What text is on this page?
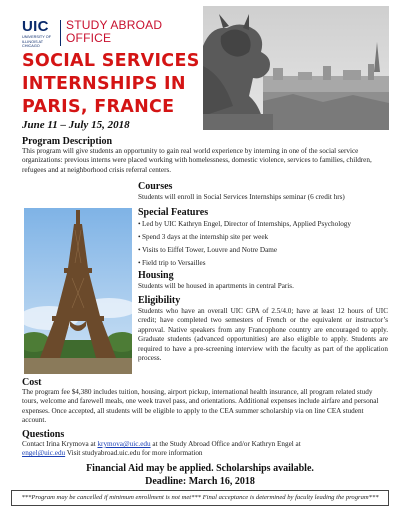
UIC
UNIVERSITY OF ILLINOIS AT CHICAGO
STUDY ABROAD
OFFICE
SOCIAL SERVICES
INTERNSHIPS IN
PARIS, FRANCE
June 11 – July 15, 2018
Program Description
This program will give students an opportunity to gain real world experience by interning in one of the social service organizations: previous interns were placed working with homelessness, domestic violence, services to families, children, refugees and at neighborhood crisis referral centers.
Courses
Students will enroll in Social Services Internships seminar (6 credit hrs)
Special Features
• Led by UIC Kathryn Engel, Director of Internships, Applied Psychology
• Spend 3 days at the internship site per week
• Visits to Eiffel Tower, Louvre and Notre Dame
• Field trip to Versailles
Housing
Students will be housed in apartments in central Paris.
Eligibility
Students who have an overall UIC GPA of 2.5/4.0; have at least 12 hours of UIC credit; have completed two semesters of French or the equivalent or instructor’s approval. Native speakers from any Francophone country are encouraged to apply. Graduate students (advanced opportunities) are also eligible to apply. Students are required to have a pre-screening interview with the faculty as part of the application process.
Cost
The program fee $4,380 includes tuition, housing, airport pickup, international health insurance, all program related study tours, welcome and farewell meals, one week travel pass, and orientations. Additional expenses include airfare and personal expenses. Once accepted, all students will be eligible to apply to the CEA summer scholarship via on line CEA student account.
Questions
Contact Irina Krymova at krymova@uic.edu at the Study Abroad Office and/or Kathryn Engel at
engel@uic.edu Visit studyabroad.uic.edu for more information
Financial Aid may be applied. Scholarships available.
Deadline: March 16, 2018
***Program may be cancelled if minimum enrollment is not met*** Final acceptance is determined by faculty leading the program***
